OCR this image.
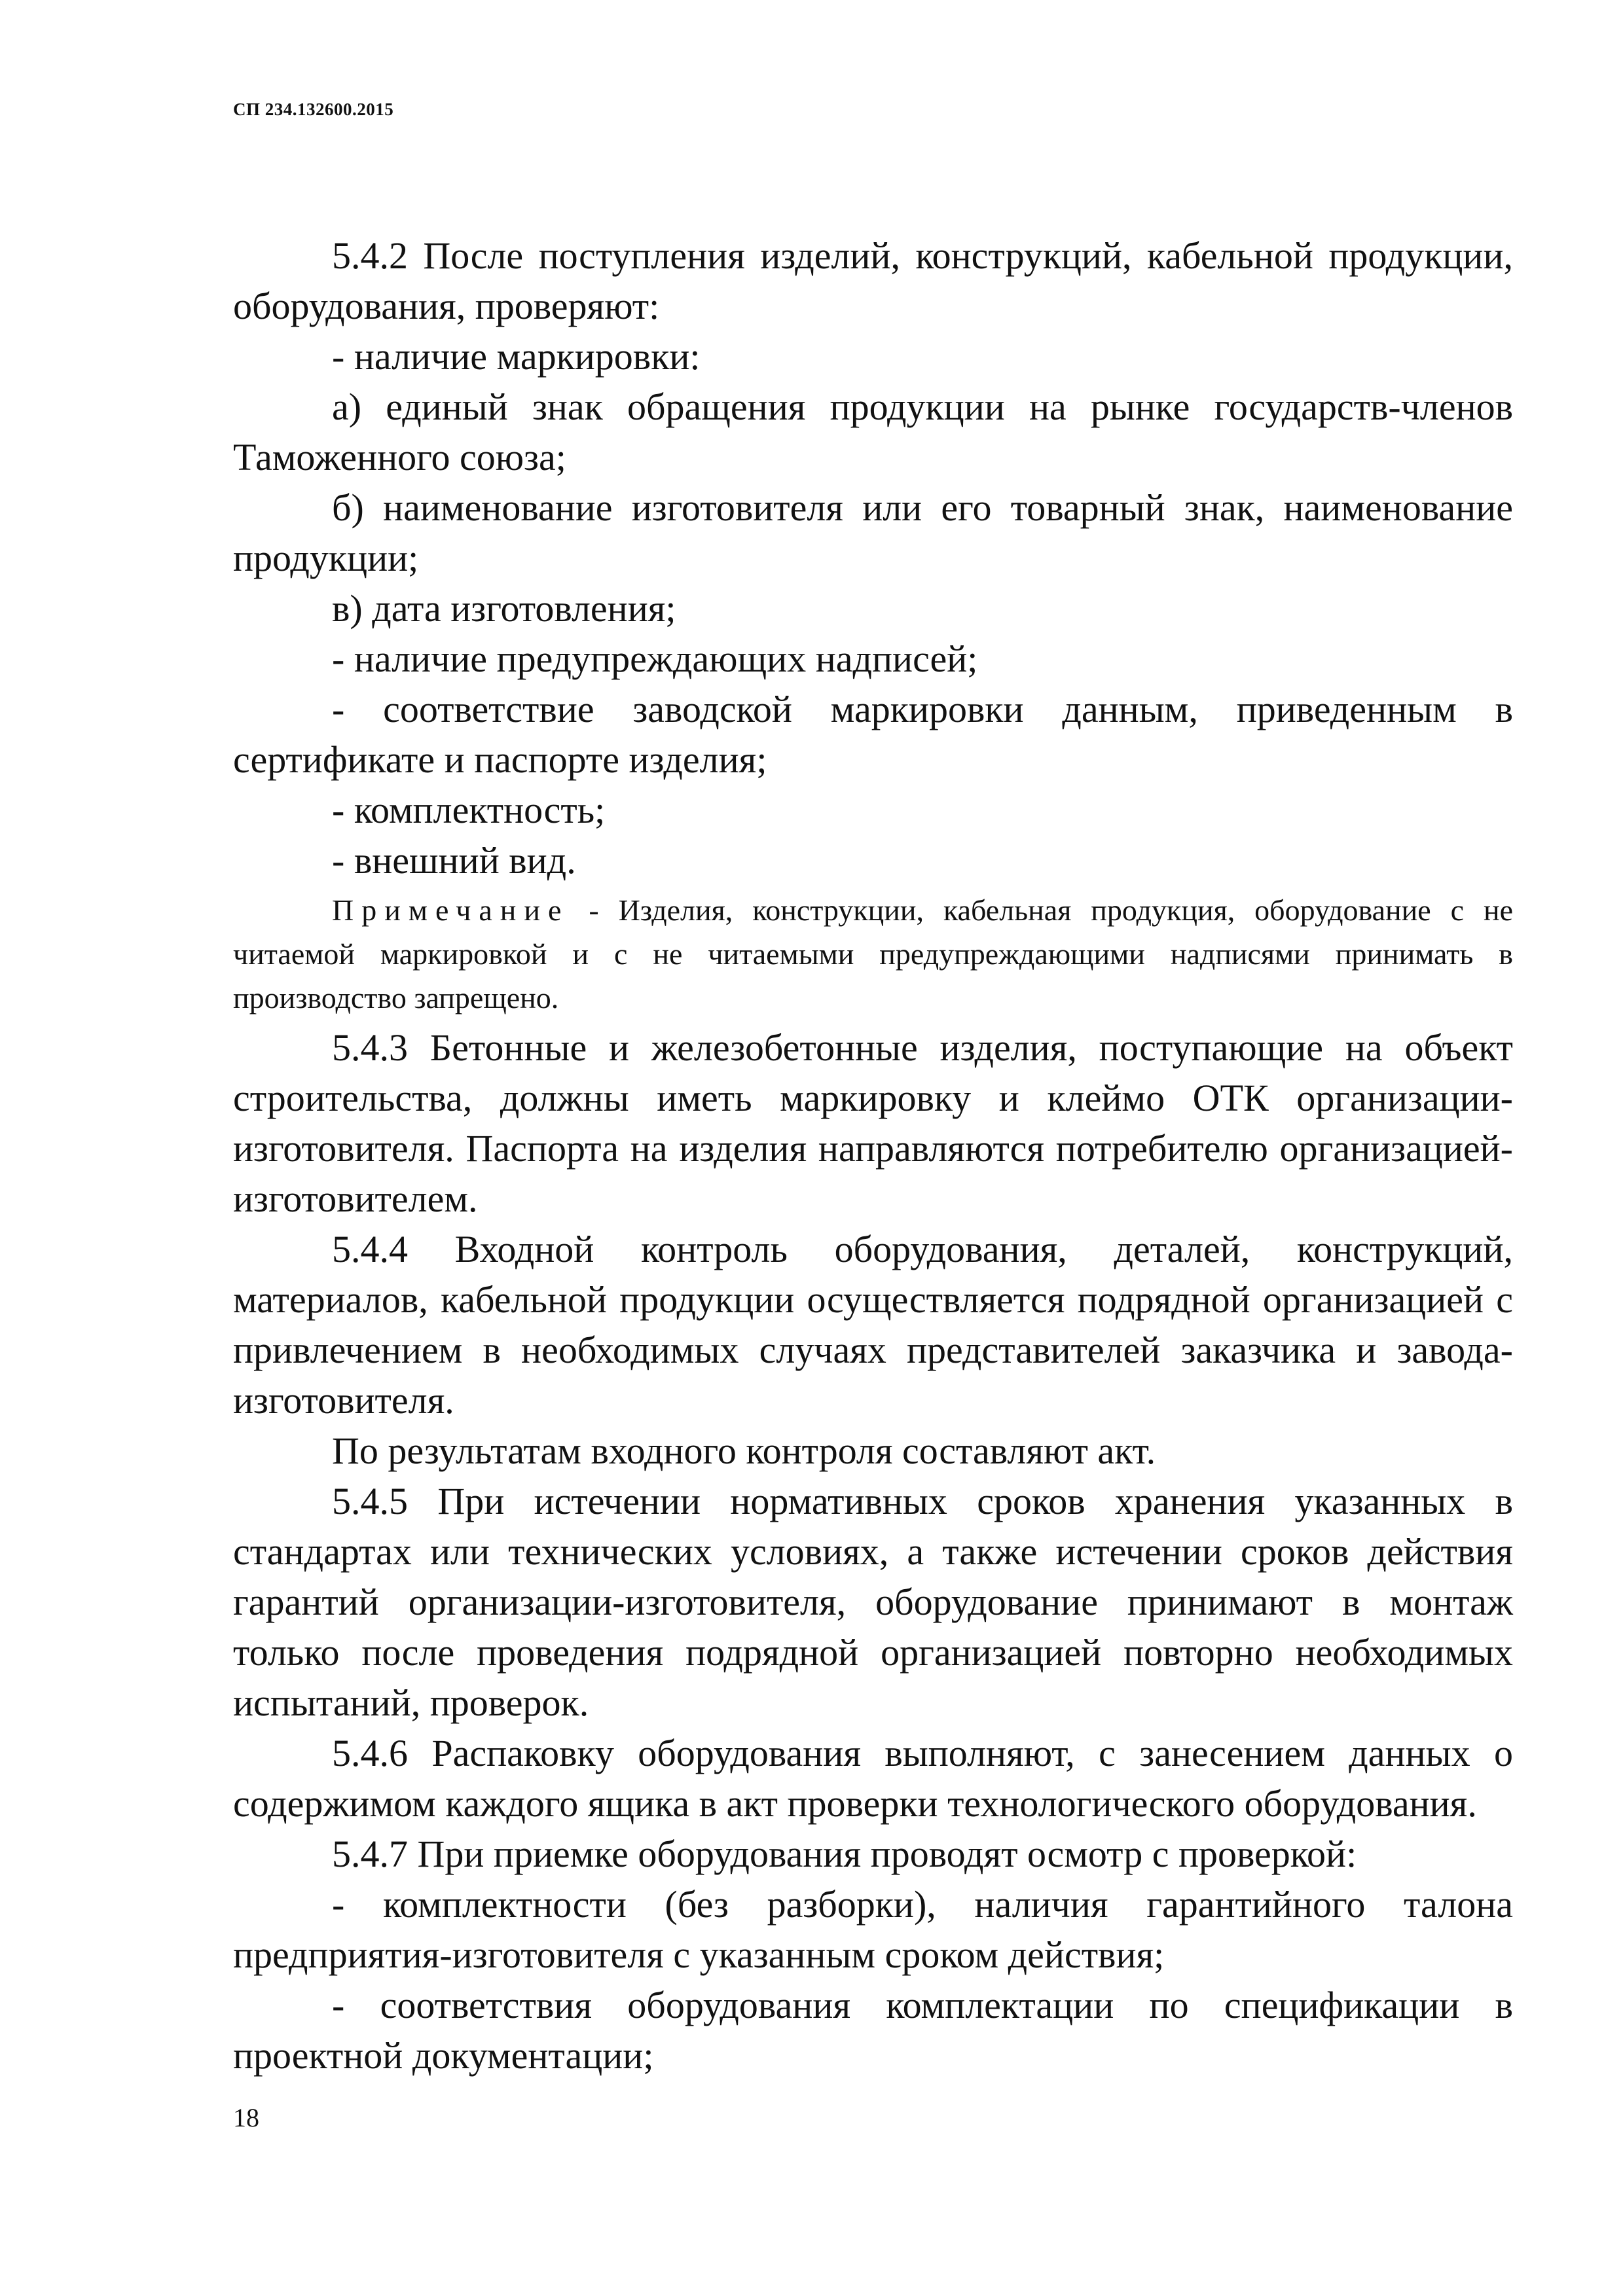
СП 234.132600.2015

5.4.2 После поступления изделий, конструкций, кабельной продукции, оборудования, проверяют:

- наличие маркировки:

а) единый знак обращения продукции на рынке государств-членов Таможенного союза;

б) наименование изготовителя или его товарный знак, наименование продукции;

в) дата изготовления;

- наличие предупреждающих надписей;

- соответствие заводской маркировки данным, приведенным в сертификате и паспорте изделия;

- комплектность;

- внешний вид.

Примечание - Изделия, конструкции, кабельная продукция, оборудование с не читаемой маркировкой и с не читаемыми предупреждающими надписями принимать в производство запрещено.

5.4.3 Бетонные и железобетонные изделия, поступающие на объект строительства, должны иметь маркировку и клеймо ОТК организации-изготовителя. Паспорта на изделия направляются потребителю организацией-изготовителем.

5.4.4 Входной контроль оборудования, деталей, конструкций, материалов, кабельной продукции осуществляется подрядной организацией с привлечением в необходимых случаях представителей заказчика и завода-изготовителя.

По результатам входного контроля составляют акт.

5.4.5 При истечении нормативных сроков хранения указанных в стандартах или технических условиях, а также истечении сроков действия гарантий организации-изготовителя, оборудование принимают в монтаж только после проведения подрядной организацией повторно необходимых испытаний, проверок.

5.4.6 Распаковку оборудования выполняют, с занесением данных о содержимом каждого ящика в акт проверки технологического оборудования.

5.4.7 При приемке оборудования проводят осмотр с проверкой:

- комплектности (без разборки), наличия гарантийного талона предприятия-изготовителя с указанным сроком действия;

- соответствия оборудования комплектации по спецификации в проектной документации;

18
